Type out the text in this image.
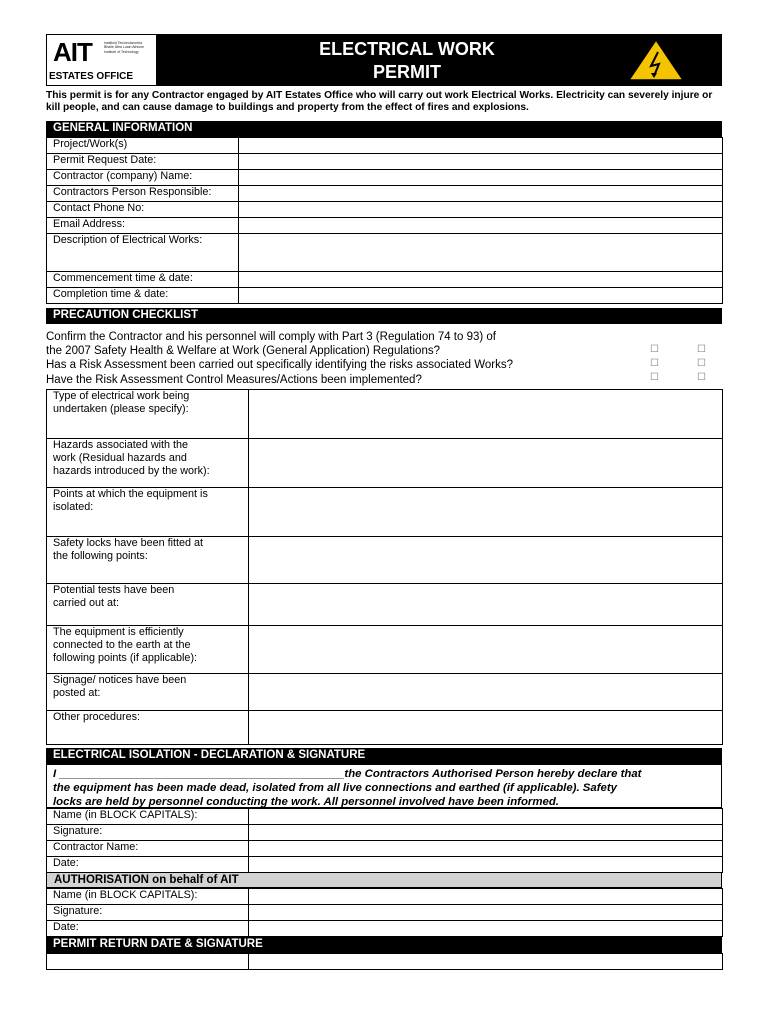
AIT	Institiúid Teicneolaíochta Bhaile Átha Luain Athlone Institute of Technology
ESTATES OFFICE
ELECTRICAL WORK
PERMIT
This permit is for any Contractor engaged by AIT Estates Office who will carry out work Electrical Works. Electricity can severely injure or kill people, and can cause damage to buildings and property from the effect of fires and explosions.
GENERAL INFORMATION
Project/Work(s)	
Permit Request Date:	
Contractor (company) Name:	
Contractors Person Responsible:	
Contact Phone No:	
Email Address:	
Description of Electrical Works:	
Commencement time & date:	
Completion time & date:	
PRECAUTION CHECKLIST
Confirm the Contractor and his personnel will comply with Part 3 (Regulation 74 to 93) of
the 2007 Safety Health & Welfare at Work (General Application) Regulations?
Has a Risk Assessment been carried out specifically identifying the risks associated Works?
Have the Risk Assessment Control Measures/Actions been implemented?
☐	☐
☐	☐
☐	☐
Type of electrical work being
undertaken (please specify):	

Hazards associated with the
work (Residual hazards and
hazards introduced by the work):	

Points at which the equipment is
isolated:	

Safety locks have been fitted at
the following points:	

Potential tests have been
carried out at:	

The equipment is efficiently
connected to the earth at the
following points (if applicable):	

Signage/ notices have been
posted at:	

Other procedures:	

ELECTRICAL ISOLATION - DECLARATION & SIGNATURE
I _____________________________________________the Contractors Authorised Person hereby declare that
the equipment has been made dead, isolated from all live connections and earthed (if applicable). Safety
locks are held by personnel conducting the work. All personnel involved have been informed.
Name (in BLOCK CAPITALS):	
Signature:	
Contractor Name:	
Date:	
AUTHORISATION on behalf of AIT
Name (in BLOCK CAPITALS):	
Signature:	
Date:	
PERMIT RETURN DATE & SIGNATURE
